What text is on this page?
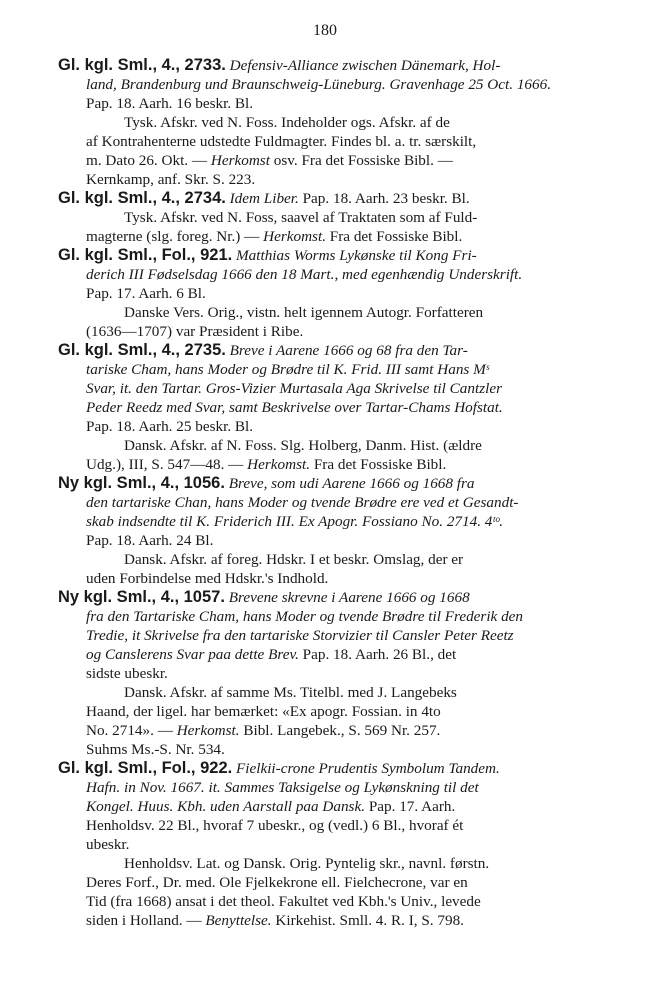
180
Gl. kgl. Sml., 4., 2733. Defensiv-Alliance zwischen Dänemark, Hol-
land, Brandenburg und Braunschweig-Lüneburg. Gravenhage 25 Oct. 1666.
Pap. 18. Aarh. 16 beskr. Bl.
Tysk. Afskr. ved N. Foss. Indeholder ogs. Afskr. af de
af Kontrahenterne udstedte Fuldmagter. Findes bl. a. tr. særskilt,
m. Dato 26. Okt. — Herkomst osv. Fra det Fossiske Bibl. —
Kernkamp, anf. Skr. S. 223.
Gl. kgl. Sml., 4., 2734. Idem Liber. Pap. 18. Aarh. 23 beskr. Bl.
Tysk. Afskr. ved N. Foss, saavel af Traktaten som af Fuld-
magterne (slg. foreg. Nr.) — Herkomst. Fra det Fossiske Bibl.
Gl. kgl. Sml., Fol., 921. Matthias Worms Lykønske til Kong Fri-
derich III Fødselsdag 1666 den 18 Mart., med egenhændig Underskrift.
Pap. 17. Aarh. 6 Bl.
Danske Vers. Orig., vistn. helt igennem Autogr. Forfatteren
(1636—1707) var Præsident i Ribe.
Gl. kgl. Sml., 4., 2735. Breve i Aarene 1666 og 68 fra den Tar-
tariske Cham, hans Moder og Brødre til K. Frid. III samt Hans Mˢ
Svar, it. den Tartar. Gros-Vizier Murtasala Aga Skrivelse til Cantzler
Peder Reedz med Svar, samt Beskrivelse over Tartar-Chams Hofstat.
Pap. 18. Aarh. 25 beskr. Bl.
Dansk. Afskr. af N. Foss. Slg. Holberg, Danm. Hist. (ældre
Udg.), III, S. 547—48. — Herkomst. Fra det Fossiske Bibl.
Ny kgl. Sml., 4., 1056. Breve, som udi Aarene 1666 og 1668 fra
den tartariske Chan, hans Moder og tvende Brødre ere ved et Gesandt-
skab indsendte til K. Friderich III. Ex Apogr. Fossiano No. 2714. 4ᵗᵒ.
Pap. 18. Aarh. 24 Bl.
Dansk. Afskr. af foreg. Hdskr. I et beskr. Omslag, der er
uden Forbindelse med Hdskr.'s Indhold.
Ny kgl. Sml., 4., 1057. Brevene skrevne i Aarene 1666 og 1668
fra den Tartariske Cham, hans Moder og tvende Brødre til Frederik den
Tredie, it Skrivelse fra den tartariske Storvizier til Cansler Peter Reetz
og Canslerens Svar paa dette Brev. Pap. 18. Aarh. 26 Bl., det
sidste ubeskr.
Dansk. Afskr. af samme Ms. Titelbl. med J. Langebeks
Haand, der ligel. har bemærket: «Ex apogr. Fossian. in 4to
No. 2714». — Herkomst. Bibl. Langebek., S. 569 Nr. 257.
Suhms Ms.-S. Nr. 534.
Gl. kgl. Sml., Fol., 922. Fielkii-crone Prudentis Symbolum Tandem.
Hafn. in Nov. 1667. it. Sammes Taksigelse og Lykønskning til det
Kongel. Huus. Kbh. uden Aarstall paa Dansk. Pap. 17. Aarh.
Henholdsv. 22 Bl., hvoraf 7 ubeskr., og (vedl.) 6 Bl., hvoraf ét
ubeskr.
Henholdsv. Lat. og Dansk. Orig. Pyntelig skr., navnl. førstn.
Deres Forf., Dr. med. Ole Fjelkekrone ell. Fielchecrone, var en
Tid (fra 1668) ansat i det theol. Fakultet ved Kbh.'s Univ., levede
siden i Holland. — Benyttelse. Kirkehist. Smll. 4. R. I, S. 798.
